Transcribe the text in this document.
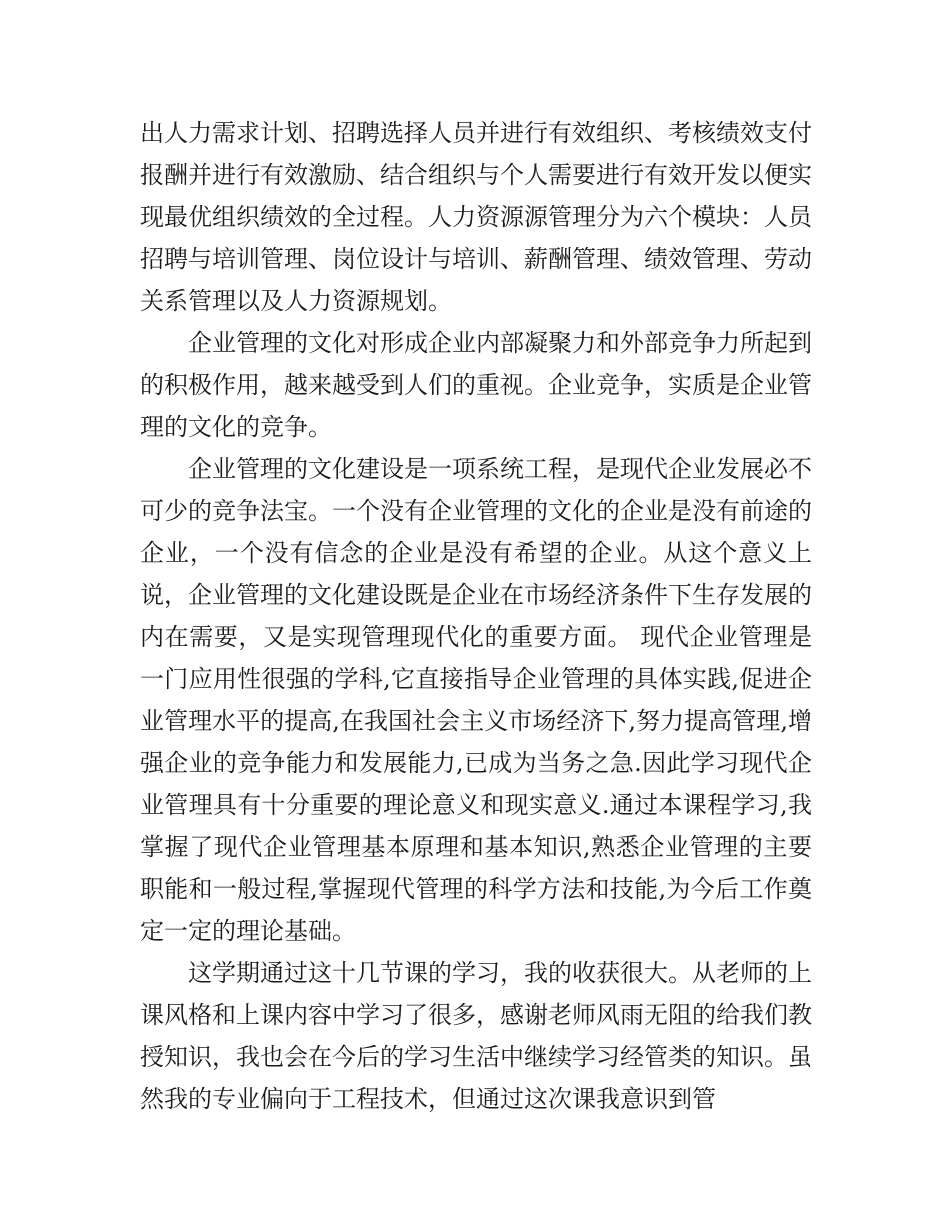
出人力需求计划、招聘选择人员并进行有效组织、考核绩效支付报酬并进行有效激励、结合组织与个人需要进行有效开发以便实现最优组织绩效的全过程。人力资源源管理分为六个模块：人员招聘与培训管理、岗位设计与培训、薪酬管理、绩效管理、劳动关系管理以及人力资源规划。

企业管理的文化对形成企业内部凝聚力和外部竞争力所起到的积极作用，越来越受到人们的重视。企业竞争，实质是企业管理的文化的竞争。

企业管理的文化建设是一项系统工程，是现代企业发展必不可少的竞争法宝。一个没有企业管理的文化的企业是没有前途的企业，一个没有信念的企业是没有希望的企业。从这个意义上说，企业管理的文化建设既是企业在市场经济条件下生存发展的内在需要，又是实现管理现代化的重要方面。 现代企业管理是一门应用性很强的学科,它直接指导企业管理的具体实践,促进企业管理水平的提高,在我国社会主义市场经济下,努力提高管理,增强企业的竞争能力和发展能力,已成为当务之急.因此学习现代企业管理具有十分重要的理论意义和现实意义.通过本课程学习,我掌握了现代企业管理基本原理和基本知识,熟悉企业管理的主要职能和一般过程,掌握现代管理的科学方法和技能,为今后工作奠定一定的理论基础。

这学期通过这十几节课的学习，我的收获很大。从老师的上课风格和上课内容中学习了很多，感谢老师风雨无阻的给我们教授知识，我也会在今后的学习生活中继续学习经管类的知识。虽然我的专业偏向于工程技术，但通过这次课我意识到管
